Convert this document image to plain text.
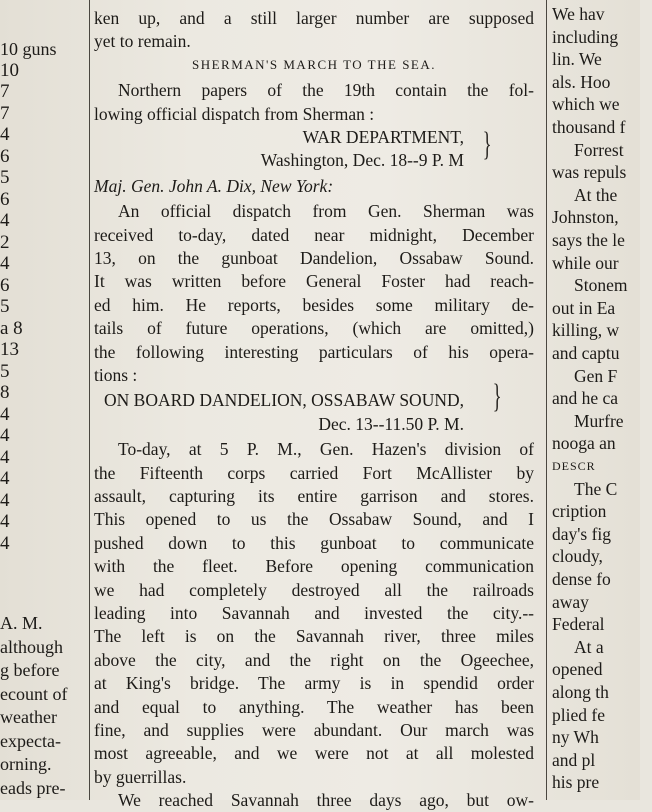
10 guns
10
7
7
4
6
5
6
4
2
4
6
5
a 8
13
5
8
4
4
4
4
4
4
4
A. M.
although
g before
ecount of
weather
expecta-
orning.
eads pre-
ken up, and a still larger number are supposed
yet to remain.
SHERMAN'S MARCH TO THE SEA.
Northern papers of the 19th contain the fol-
lowing official dispatch from Sherman :
WAR DEPARTMENT,
Washington, Dec. 18--9 P. M
Maj. Gen. John A. Dix, New York:
An official dispatch from Gen. Sherman was
received to-day, dated near midnight, December
13, on the gunboat Dandelion, Ossabaw Sound.
It was written before General Foster had reach-
ed him. He reports, besides some military de-
tails of future operations, (which are omitted,)
the following interesting particulars of his opera-
tions :
ON BOARD DANDELION, OSSABAW SOUND,
Dec. 13--11.50 P. M.
To-day, at 5 P. M., Gen. Hazen's division of
the Fifteenth corps carried Fort McAllister by
assault, capturing its entire garrison and stores.
This opened to us the Ossabaw Sound, and I
pushed down to this gunboat to communicate
with the fleet. Before opening communication
we had completely destroyed all the railroads
leading into Savannah and invested the city.--
The left is on the Savannah river, three miles
above the city, and the right on the Ogeechee,
at King's bridge. The army is in spendid order
and equal to anything. The weather has been
fine, and supplies were abundant. Our march was
most agreeable, and we were not at all molested
by guerrillas.
We reached Savannah three days ago, but ow-
}
}
We hav
including
lin. We
als. Hoo
which we
thousand f
Forrest
was repuls
At the
Johnston,
says the le
while our
Stonem
out in Ea
killing, w
and captu
Gen F
and he ca
Murfre
nooga an
DESCR
The C
cription
day's fig
cloudy,
dense fo
away
Federal
At a
opened
along th
plied fe
ny Wh
and pl
his pre
